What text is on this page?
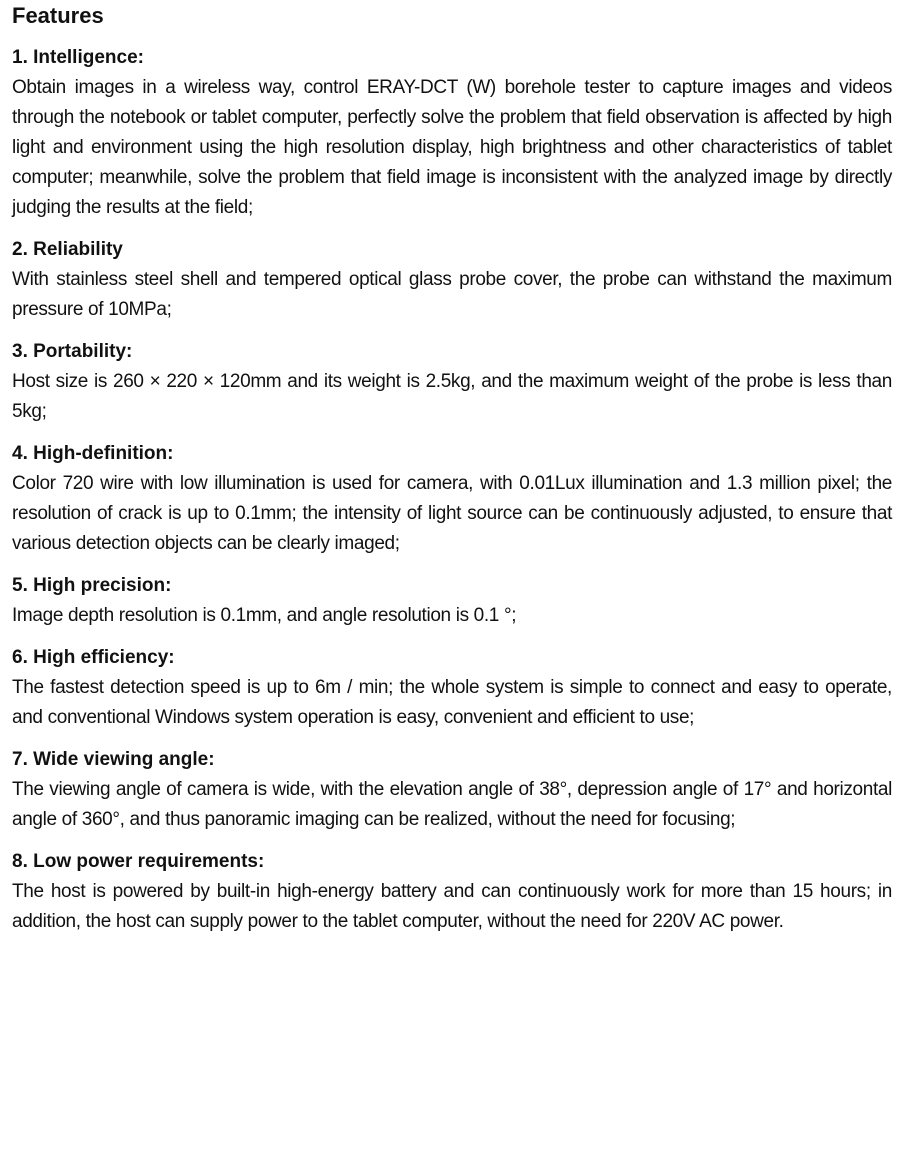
Features
1. Intelligence:

Obtain images in a wireless way, control ERAY-DCT (W) borehole tester to capture images and videos through the notebook or tablet computer, perfectly solve the problem that field observation is affected by high light and environment using the high resolution display, high brightness and other characteristics of tablet computer; meanwhile, solve the problem that field image is inconsistent with the analyzed image by directly judging the results at the field;

2. Reliability

With stainless steel shell and tempered optical glass probe cover, the probe can withstand the maximum pressure of 10MPa;

3. Portability:

Host size is 260 × 220 × 120mm and its weight is 2.5kg, and the maximum weight of the probe is less than 5kg;

4. High-definition:

Color 720 wire with low illumination is used for camera, with 0.01Lux illumination and 1.3 million pixel; the resolution of crack is up to 0.1mm; the intensity of light source can be continuously adjusted, to ensure that various detection objects can be clearly imaged;

5. High precision:

Image depth resolution is 0.1mm, and angle resolution is 0.1 °;

6. High efficiency:

The fastest detection speed is up to 6m / min; the whole system is simple to connect and easy to operate, and conventional Windows system operation is easy, convenient and efficient to use;

7. Wide viewing angle:

The viewing angle of camera is wide, with the elevation angle of 38°, depression angle of 17° and horizontal angle of 360°, and thus panoramic imaging can be realized, without the need for focusing;

8. Low power requirements:

The host is powered by built-in high-energy battery and can continuously work for more than 15 hours; in addition, the host can supply power to the tablet computer, without the need for 220V AC power.
